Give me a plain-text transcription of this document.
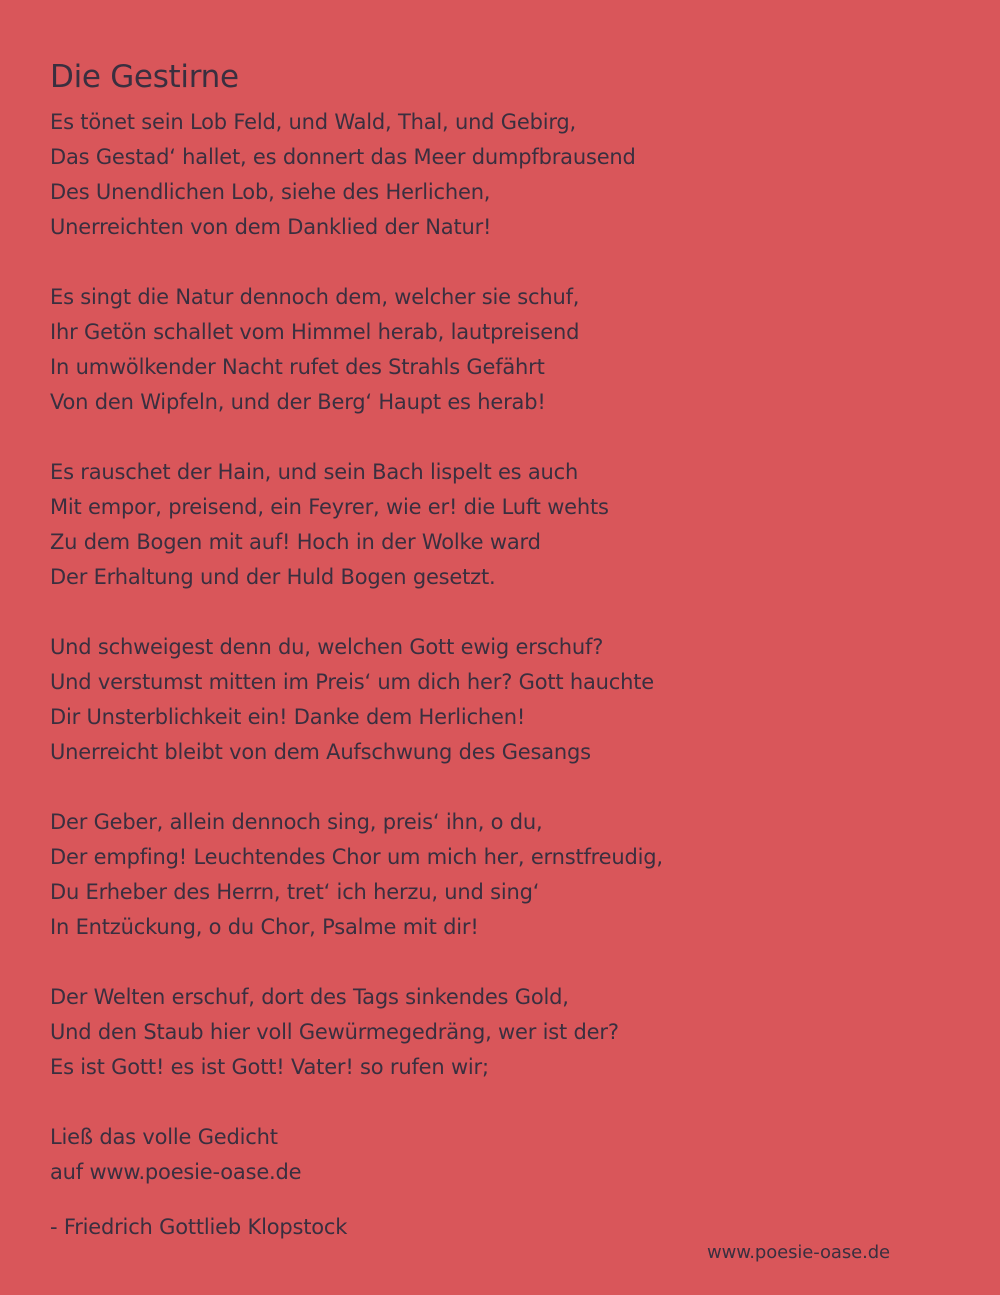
Die Gestirne
Es tönet sein Lob Feld, und Wald, Thal, und Gebirg,
Das Gestad‘ hallet, es donnert das Meer dumpfbrausend
Des Unendlichen Lob, siehe des Herlichen,
Unerreichten von dem Danklied der Natur!
Es singt die Natur dennoch dem, welcher sie schuf,
Ihr Getön schallet vom Himmel herab, lautpreisend
In umwölkender Nacht rufet des Strahls Gefährt
Von den Wipfeln, und der Berg‘ Haupt es herab!
Es rauschet der Hain, und sein Bach lispelt es auch
Mit empor, preisend, ein Feyrer, wie er! die Luft wehts
Zu dem Bogen mit auf! Hoch in der Wolke ward
Der Erhaltung und der Huld Bogen gesetzt.
Und schweigest denn du, welchen Gott ewig erschuf?
Und verstumst mitten im Preis‘ um dich her? Gott hauchte
Dir Unsterblichkeit ein! Danke dem Herlichen!
Unerreicht bleibt von dem Aufschwung des Gesangs
Der Geber, allein dennoch sing, preis‘ ihn, o du,
Der empfing! Leuchtendes Chor um mich her, ernstfreudig,
Du Erheber des Herrn, tret‘ ich herzu, und sing‘
In Entzückung, o du Chor, Psalme mit dir!
Der Welten erschuf, dort des Tags sinkendes Gold,
Und den Staub hier voll Gewürmegedräng, wer ist der?
Es ist Gott! es ist Gott! Vater! so rufen wir;
Ließ das volle Gedicht
auf www.poesie-oase.de
- Friedrich Gottlieb Klopstock
www.poesie-oase.de
